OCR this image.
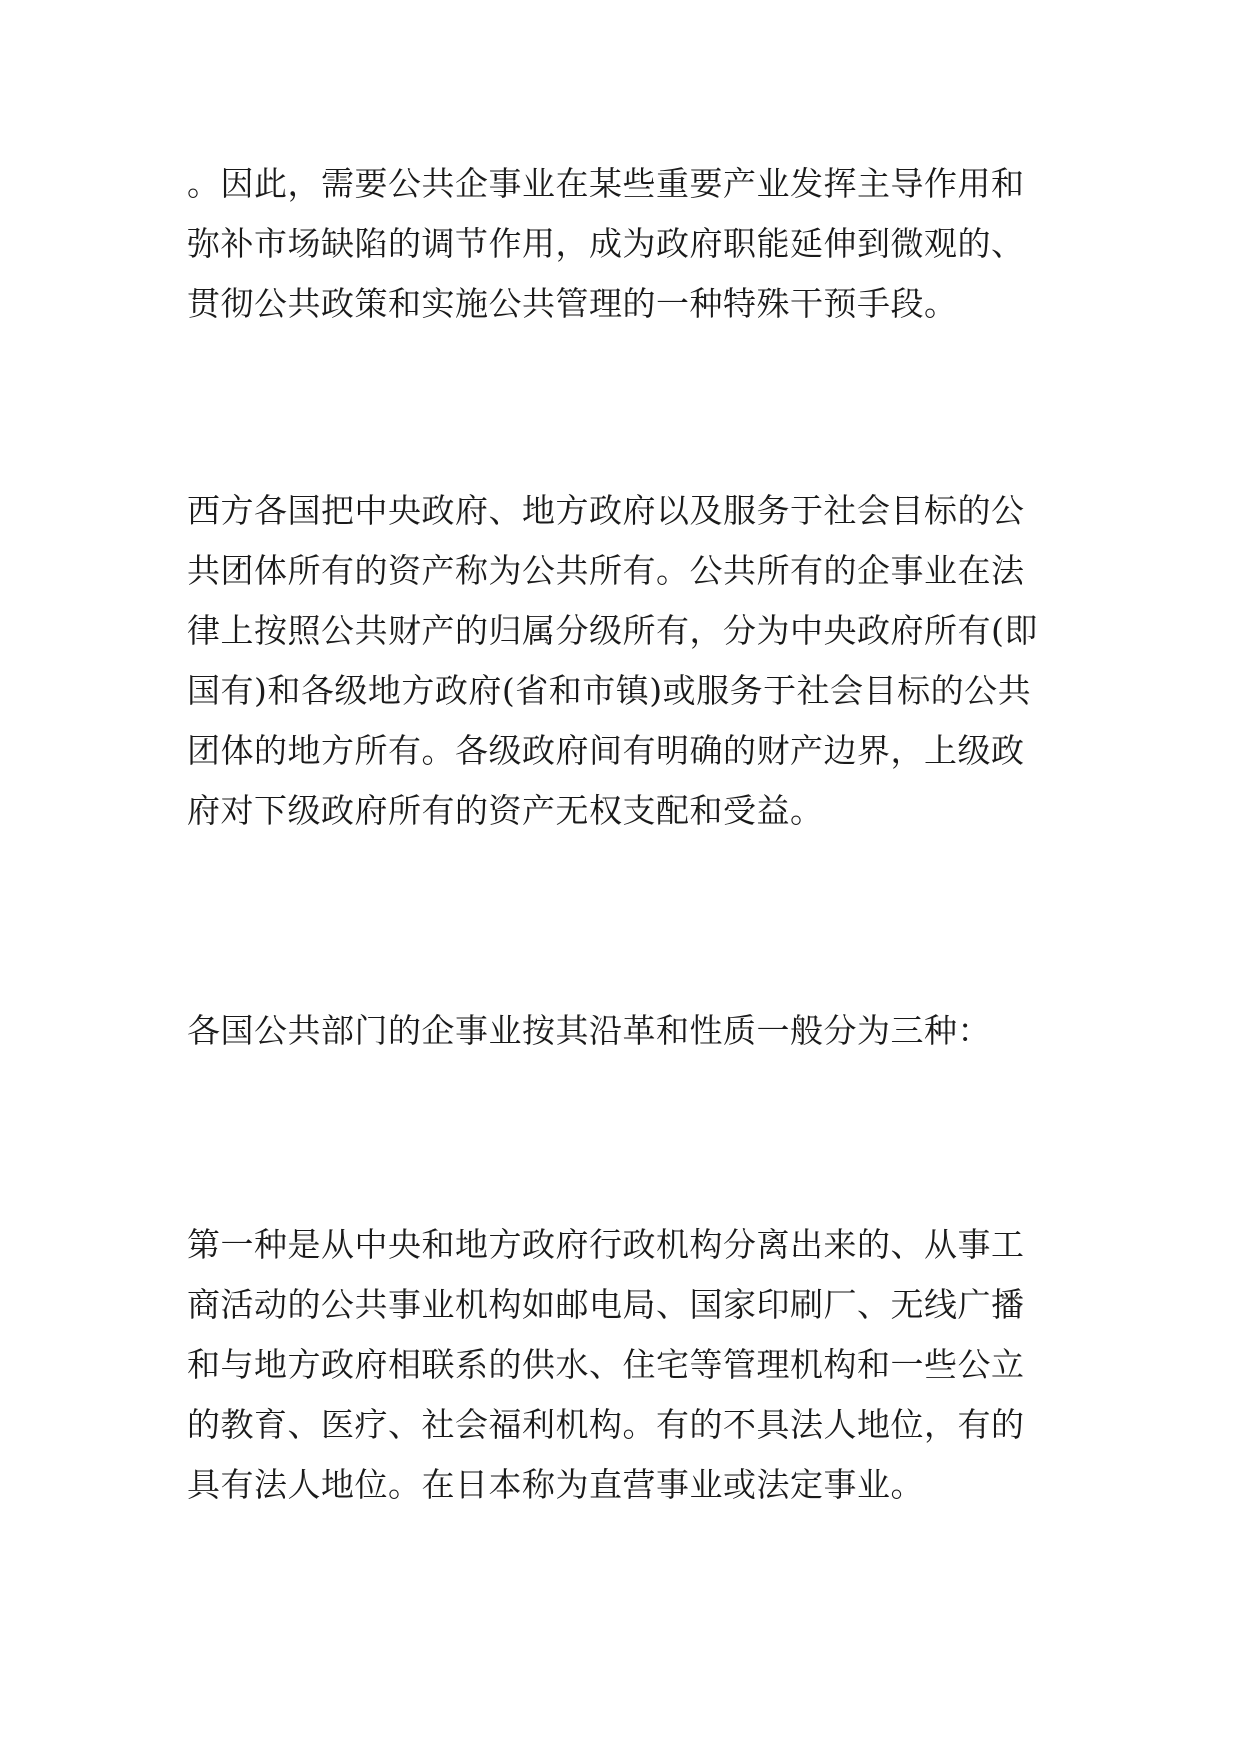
。因此，需要公共企事业在某些重要产业发挥主导作用和
弥补市场缺陷的调节作用，成为政府职能延伸到微观的、
贯彻公共政策和实施公共管理的一种特殊干预手段。

西方各国把中央政府、地方政府以及服务于社会目标的公
共团体所有的资产称为公共所有。公共所有的企事业在法
律上按照公共财产的归属分级所有，分为中央政府所有(即
国有)和各级地方政府(省和市镇)或服务于社会目标的公共
团体的地方所有。各级政府间有明确的财产边界，上级政
府对下级政府所有的资产无权支配和受益。

各国公共部门的企事业按其沿革和性质一般分为三种：

第一种是从中央和地方政府行政机构分离出来的、从事工
商活动的公共事业机构如邮电局、国家印刷厂、无线广播
和与地方政府相联系的供水、住宅等管理机构和一些公立
的教育、医疗、社会福利机构。有的不具法人地位，有的
具有法人地位。在日本称为直营事业或法定事业。
